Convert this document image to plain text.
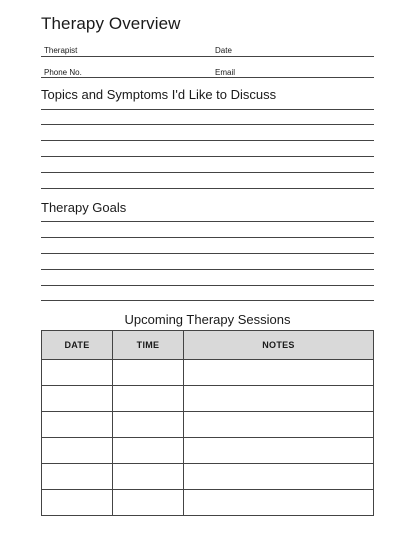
Therapy Overview
Therapist	Date
Phone No.	Email
Topics and Symptoms I'd Like to Discuss
Therapy Goals
Upcoming Therapy Sessions
DATE	TIME	NOTES
